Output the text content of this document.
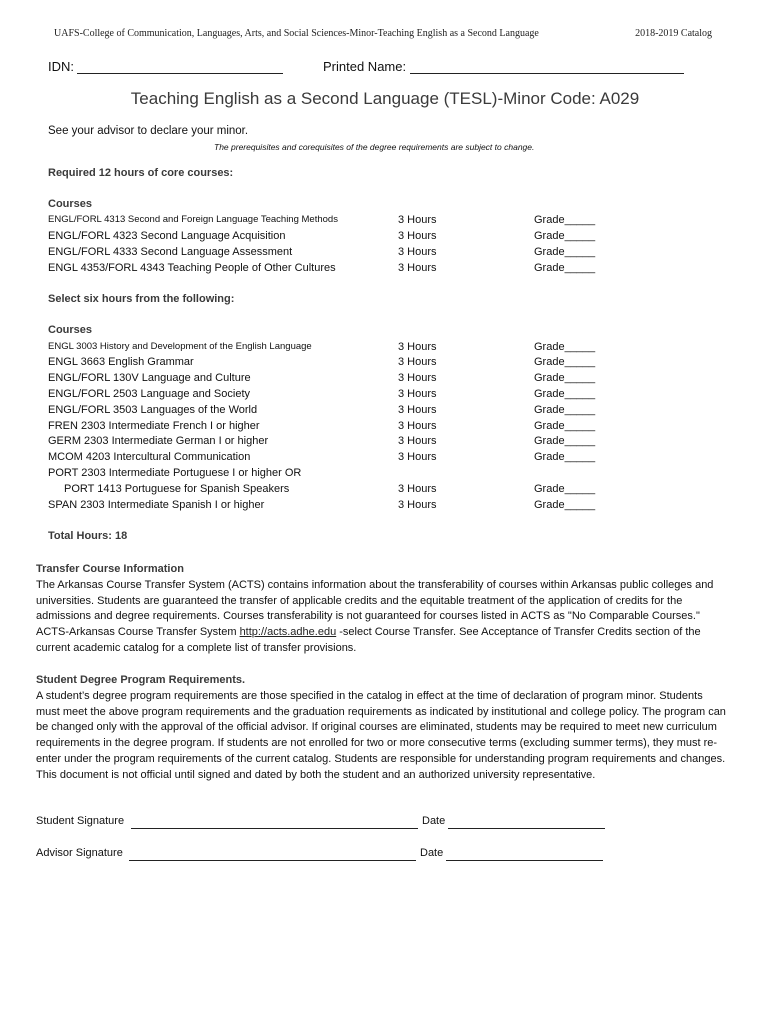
UAFS-College of Communication, Languages, Arts, and Social Sciences-Minor-Teaching English as a Second Language	2018-2019 Catalog
IDN:	Printed Name:
Teaching English as a Second Language (TESL)-Minor Code: A029
See your advisor to declare your minor.
The prerequisites and corequisites of the degree requirements are subject to change.
Required 12 hours of core courses:
Courses
ENGL/FORL 4313 Second and Foreign Language Teaching Methods	3 Hours	Grade_____
ENGL/FORL 4323 Second Language Acquisition	3 Hours	Grade_____
ENGL/FORL 4333 Second Language Assessment	3 Hours	Grade_____
ENGL 4353/FORL 4343 Teaching People of Other Cultures	3 Hours	Grade_____
Select six hours from the following:
Courses
ENGL 3003 History and Development of the English Language	3 Hours	Grade_____
ENGL 3663 English Grammar	3 Hours	Grade_____
ENGL/FORL 130V Language and Culture	3 Hours	Grade_____
ENGL/FORL 2503 Language and Society	3 Hours	Grade_____
ENGL/FORL 3503 Languages of the World	3 Hours	Grade_____
FREN 2303 Intermediate French I or higher	3 Hours	Grade_____
GERM 2303 Intermediate German I or higher	3 Hours	Grade_____
MCOM 4203 Intercultural Communication	3 Hours	Grade_____
PORT 2303 Intermediate Portuguese I or higher OR
PORT 1413 Portuguese for Spanish Speakers	3 Hours	Grade_____
SPAN 2303 Intermediate Spanish I or higher	3 Hours	Grade_____
Total Hours: 18
Transfer Course Information

The Arkansas Course Transfer System (ACTS) contains information about the transferability of courses within Arkansas public colleges and universities. Students are guaranteed the transfer of applicable credits and the equitable treatment of the application of credits for the admissions and degree requirements. Courses transferability is not guaranteed for courses listed in ACTS as "No Comparable Courses." ACTS-Arkansas Course Transfer System http://acts.adhe.edu -select Course Transfer. See Acceptance of Transfer Credits section of the current academic catalog for a complete list of transfer provisions.

Student Degree Program Requirements.

A student’s degree program requirements are those specified in the catalog in effect at the time of declaration of program minor. Students must meet the above program requirements and the graduation requirements as indicated by institutional and college policy. The program can be changed only with the approval of the official advisor. If original courses are eliminated, students may be required to meet new curriculum requirements in the degree program. If students are not enrolled for two or more consecutive terms (excluding summer terms), they must re-enter under the program requirements of the current catalog. Students are responsible for understanding program requirements and changes. This document is not official until signed and dated by both the student and an authorized university representative.

Student Signature	Date
Advisor Signature	Date
